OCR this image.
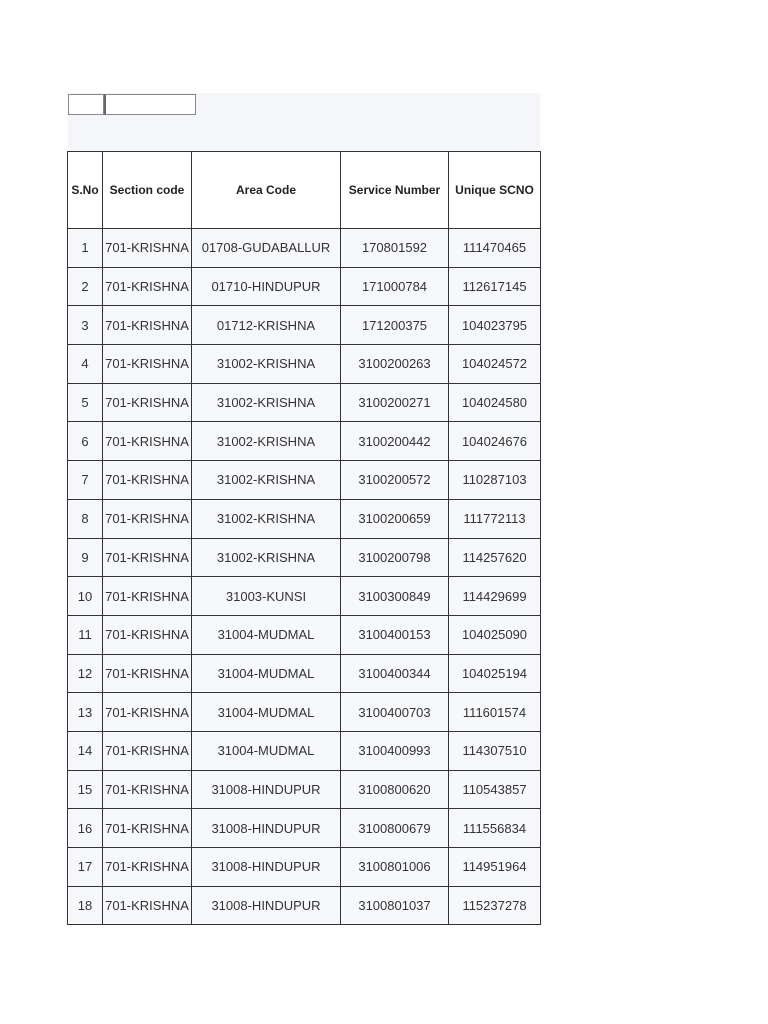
S.No	Section code	Area Code	Service Number	Unique SCNO
1	701-KRISHNA	01708-GUDABALLUR	170801592	111470465
2	701-KRISHNA	01710-HINDUPUR	171000784	112617145
3	701-KRISHNA	01712-KRISHNA	171200375	104023795
4	701-KRISHNA	31002-KRISHNA	3100200263	104024572
5	701-KRISHNA	31002-KRISHNA	3100200271	104024580
6	701-KRISHNA	31002-KRISHNA	3100200442	104024676
7	701-KRISHNA	31002-KRISHNA	3100200572	110287103
8	701-KRISHNA	31002-KRISHNA	3100200659	111772113
9	701-KRISHNA	31002-KRISHNA	3100200798	114257620
10	701-KRISHNA	31003-KUNSI	3100300849	114429699
11	701-KRISHNA	31004-MUDMAL	3100400153	104025090
12	701-KRISHNA	31004-MUDMAL	3100400344	104025194
13	701-KRISHNA	31004-MUDMAL	3100400703	111601574
14	701-KRISHNA	31004-MUDMAL	3100400993	114307510
15	701-KRISHNA	31008-HINDUPUR	3100800620	110543857
16	701-KRISHNA	31008-HINDUPUR	3100800679	111556834
17	701-KRISHNA	31008-HINDUPUR	3100801006	114951964
18	701-KRISHNA	31008-HINDUPUR	3100801037	115237278
